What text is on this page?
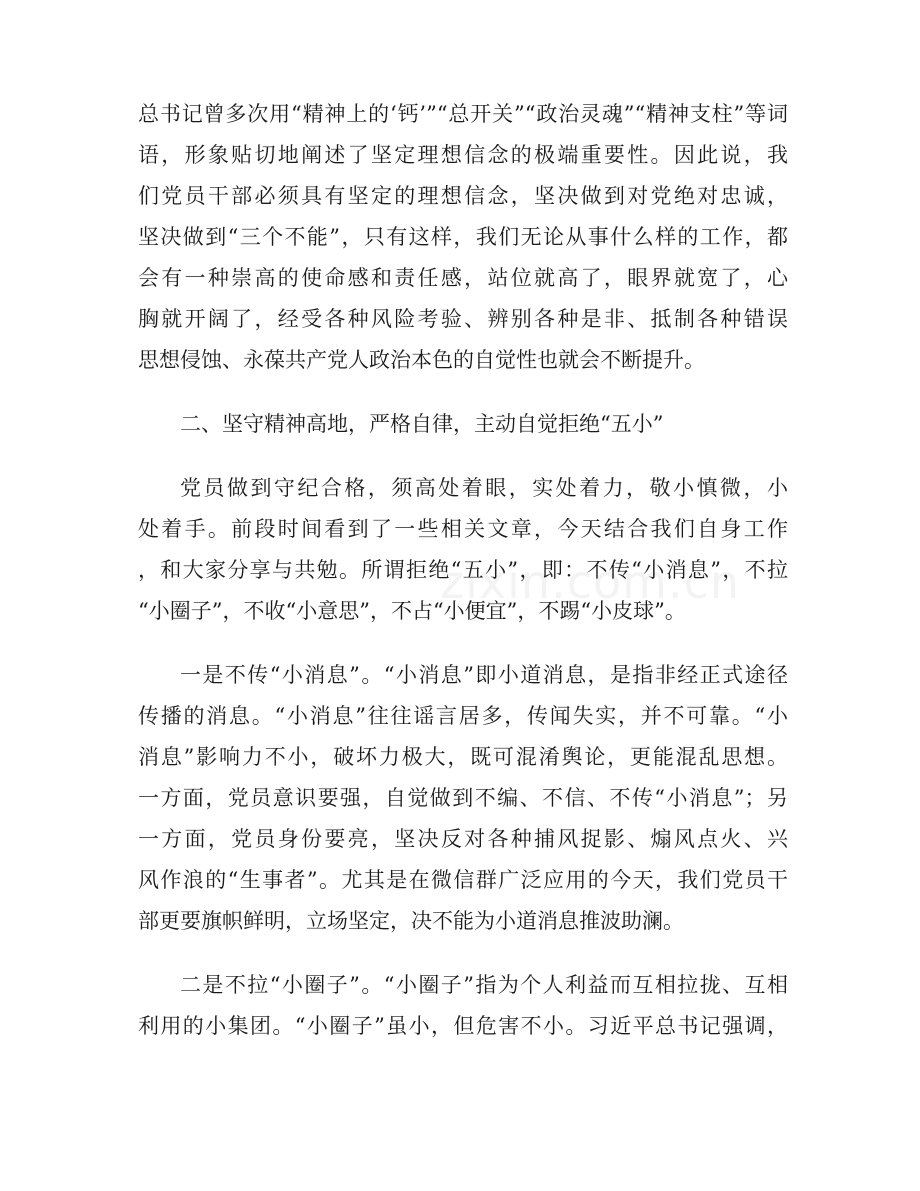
总书记曾多次用“精神上的‘钙’”“总开关”“政治灵魂”“精神支柱”等词
语，形象贴切地阐述了坚定理想信念的极端重要性。因此说，我
们党员干部必须具有坚定的理想信念，坚决做到对党绝对忠诚，
坚决做到“三个不能”，只有这样，我们无论从事什么样的工作，都
会有一种崇高的使命感和责任感，站位就高了，眼界就宽了，心
胸就开阔了，经受各种风险考验、辨别各种是非、抵制各种错误
思想侵蚀、永葆共产党人政治本色的自觉性也就会不断提升。
二、坚守精神高地，严格自律，主动自觉拒绝“五小”
党员做到守纪合格，须高处着眼，实处着力，敬小慎微，小
处着手。前段时间看到了一些相关文章，今天结合我们自身工作
，和大家分享与共勉。所谓拒绝“五小”，即：不传“小消息”，不拉
“小圈子”，不收“小意思”，不占“小便宜”，不踢“小皮球”。
一是不传“小消息”。“小消息”即小道消息，是指非经正式途径
传播的消息。“小消息”往往谣言居多，传闻失实，并不可靠。“小
消息”影响力不小，破坏力极大，既可混淆舆论，更能混乱思想。
一方面，党员意识要强，自觉做到不编、不信、不传“小消息”；另
一方面，党员身份要亮，坚决反对各种捕风捉影、煽风点火、兴
风作浪的“生事者”。尤其是在微信群广泛应用的今天，我们党员干
部更要旗帜鲜明，立场坚定，决不能为小道消息推波助澜。
二是不拉“小圈子”。“小圈子”指为个人利益而互相拉拢、互相
利用的小集团。“小圈子”虽小，但危害不小。习近平总书记强调，
